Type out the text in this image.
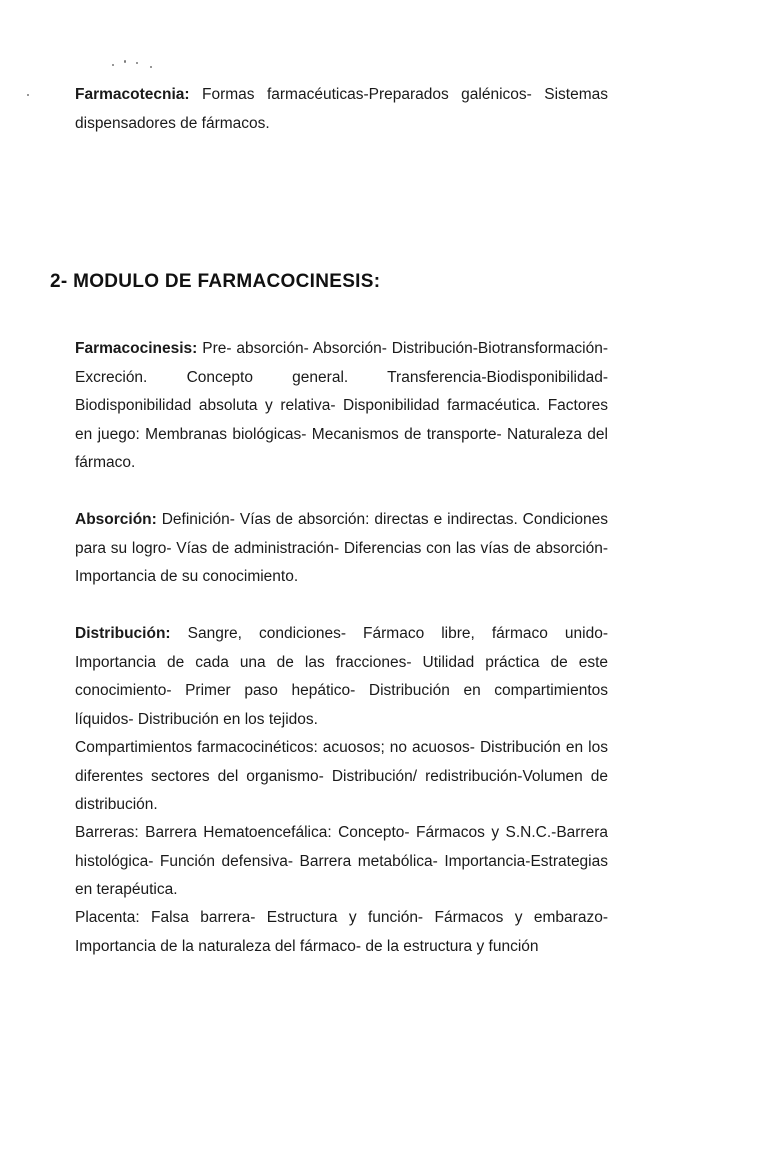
Farmacotecnia: Formas farmacéuticas-Preparados galénicos- Sistemas dispensadores de fármacos.

2- MODULO DE FARMACOCINESIS:

Farmacocinesis: Pre- absorción- Absorción- Distribución-Biotransformación-Excreción. Concepto general. Transferencia-Biodisponibilidad- Biodisponibilidad absoluta y relativa- Disponibilidad farmacéutica. Factores en juego: Membranas biológicas- Mecanismos de transporte- Naturaleza del fármaco.

Absorción: Definición- Vías de absorción: directas e indirectas. Condiciones para su logro- Vías de administración- Diferencias con las vías de absorción- Importancia de su conocimiento.

Distribución: Sangre, condiciones- Fármaco libre, fármaco unido-Importancia de cada una de las fracciones- Utilidad práctica de este conocimiento- Primer paso hepático- Distribución en compartimientos líquidos- Distribución en los tejidos.

Compartimientos farmacocinéticos: acuosos; no acuosos- Distribución en los diferentes sectores del organismo- Distribución/ redistribución-Volumen de distribución.

Barreras: Barrera Hematoencefálica: Concepto- Fármacos y S.N.C.-Barrera histológica- Función defensiva- Barrera metabólica- Importancia-Estrategias en terapéutica.

Placenta: Falsa barrera- Estructura y función- Fármacos y embarazo-Importancia de la naturaleza del fármaco- de la estructura y función
